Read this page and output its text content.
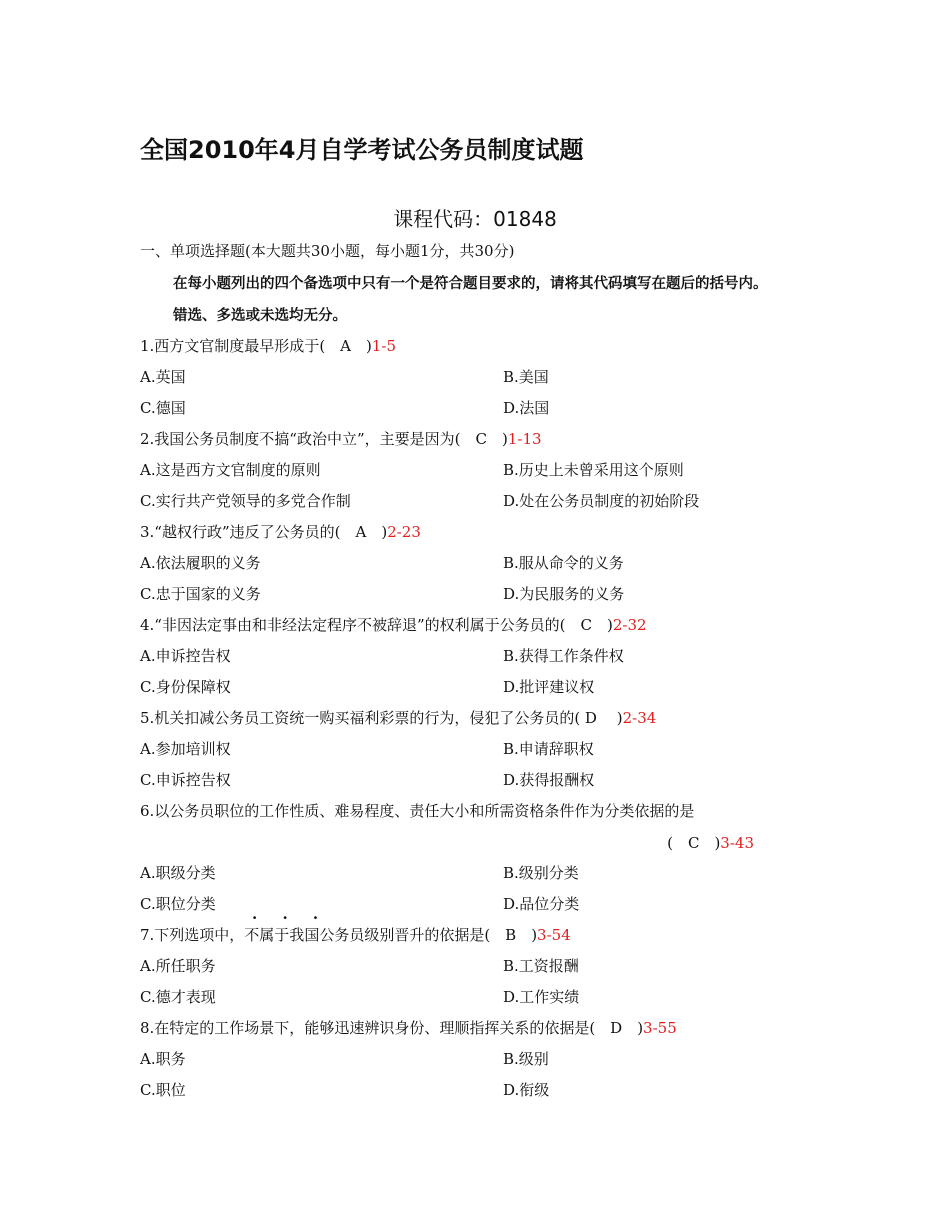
全国2010年4月自学考试公务员制度试题
课程代码：01848
一、单项选择题(本大题共30小题，每小题1分，共30分)
在每小题列出的四个备选项中只有一个是符合题目要求的，请将其代码填写在题后的括号内。
错选、多选或未选均无分。
1.西方文官制度最早形成于(　A　)1-5
A.英国	B.美国
C.德国	D.法国
2.我国公务员制度不搞“政治中立”，主要是因为(　C　)1-13
A.这是西方文官制度的原则	B.历史上未曾采用这个原则
C.实行共产党领导的多党合作制	D.处在公务员制度的初始阶段
3.“越权行政”违反了公务员的(　A　)2-23
A.依法履职的义务	B.服从命令的义务
C.忠于国家的义务	D.为民服务的义务
4.“非因法定事由和非经法定程序不被辞退”的权利属于公务员的(　C　)2-32
A.申诉控告权	B.获得工作条件权
C.身份保障权	D.批评建议权
5.机关扣减公务员工资统一购买福利彩票的行为，侵犯了公务员的( D　 )2-34
A.参加培训权	B.申请辞职权
C.申诉控告权	D.获得报酬权
6.以公务员职位的工作性质、难易程度、责任大小和所需资格条件作为分类依据的是
(　C　)3-43
A.职级分类	B.级别分类
C.职位分类	D.品位分类
· · ·
7.下列选项中，不属于我国公务员级别晋升的依据是(　B　)3-54
A.所任职务	B.工资报酬
C.德才表现	D.工作实绩
8.在特定的工作场景下，能够迅速辨识身份、理顺指挥关系的依据是(　D　)3-55
A.职务	B.级别
C.职位	D.衔级
